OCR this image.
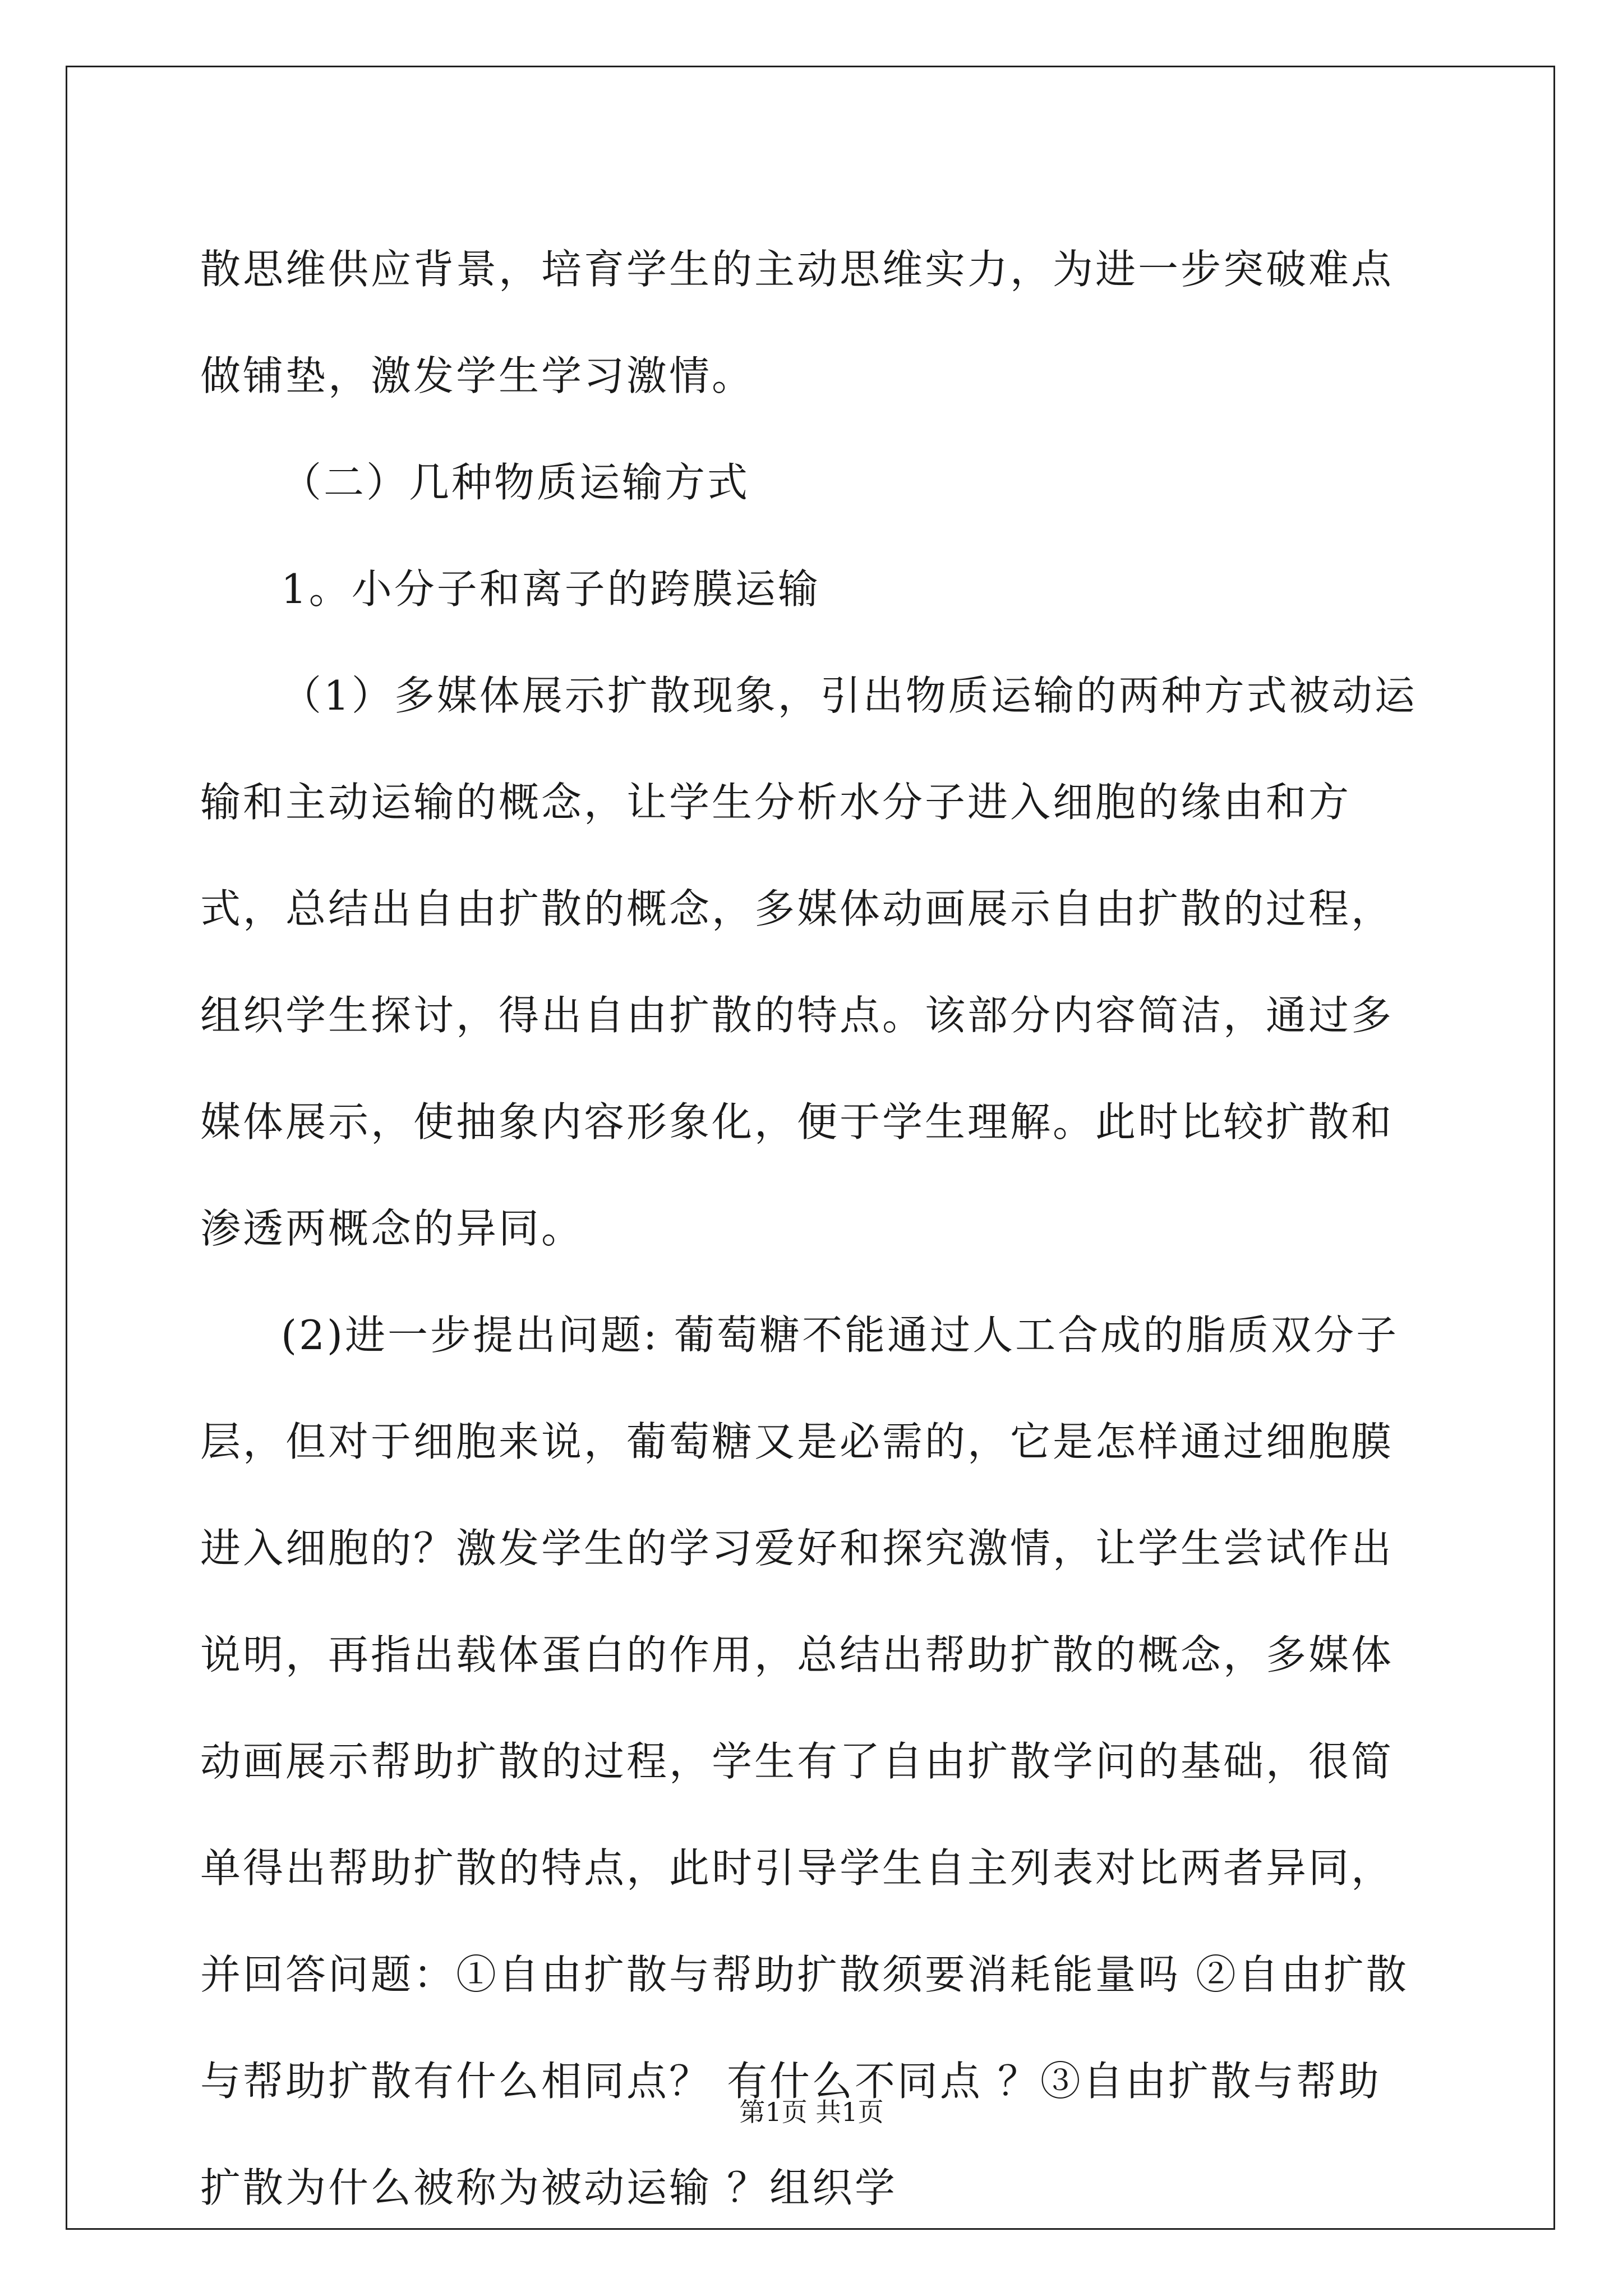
散思维供应背景，培育学生的主动思维实力，为进一步突破难点做铺垫，激发学生学习激情。

（二）几种物质运输方式

1。小分子和离子的跨膜运输

（1）多媒体展示扩散现象，引出物质运输的两种方式被动运输和主动运输的概念，让学生分析水分子进入细胞的缘由和方式，总结出自由扩散的概念，多媒体动画展示自由扩散的过程，组织学生探讨，得出自由扩散的特点。该部分内容简洁，通过多媒体展示，使抽象内容形象化，便于学生理解。此时比较扩散和渗透两概念的异同。

(2)进一步提出问题: 葡萄糖不能通过人工合成的脂质双分子层，但对于细胞来说，葡萄糖又是必需的，它是怎样通过细胞膜进入细胞的？激发学生的学习爱好和探究激情，让学生尝试作出说明，再指出载体蛋白的作用，总结出帮助扩散的概念，多媒体动画展示帮助扩散的过程，学生有了自由扩散学问的基础，很简单得出帮助扩散的特点，此时引导学生自主列表对比两者异同，并回答问题：①自由扩散与帮助扩散须要消耗能量吗 ②自由扩散与帮助扩散有什么相同点？ 有什么不同点 ？③自由扩散与帮助扩散为什么被称为被动运输 ？组织学

第1页 共1页
